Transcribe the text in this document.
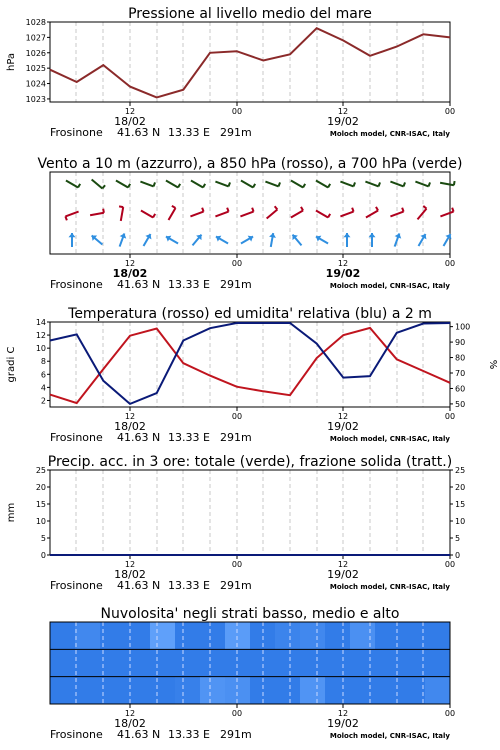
Pressione al livello medio del mare
12	00	12	00
18/02	19/02
Frosinone 41.63 N 13.33 E 291m	Moloch model, CNR-ISAC, Italy
1023
1024
1025
1026
1027
1028
hPa
Vento a 10 m (azzurro), a 850 hPa (rosso), a 700 hPa (verde)
12	00	12	00
18/02	19/02
Frosinone 41.63 N 13.33 E 291m	Moloch model, CNR-ISAC, Italy
Temperatura (rosso) ed umidita' relativa (blu) a 2 m
12	00	12	00
18/02	19/02
Frosinone 41.63 N 13.33 E 291m	Moloch model, CNR-ISAC, Italy
2
4
6
8
10
12
14
gradi C
50
60
70
80
90
100
%
Precip. acc. in 3 ore: totale (verde), frazione solida (tratt.)
12	00	12	00
18/02	19/02
Frosinone 41.63 N 13.33 E 291m	Moloch model, CNR-ISAC, Italy
0	0
5	5
10	10
15	15
20	20
25	25
mm
Nuvolosita' negli strati basso, medio e alto
12	00	12	00
18/02	19/02
Frosinone 41.63 N 13.33 E 291m	Moloch model, CNR-ISAC, Italy
